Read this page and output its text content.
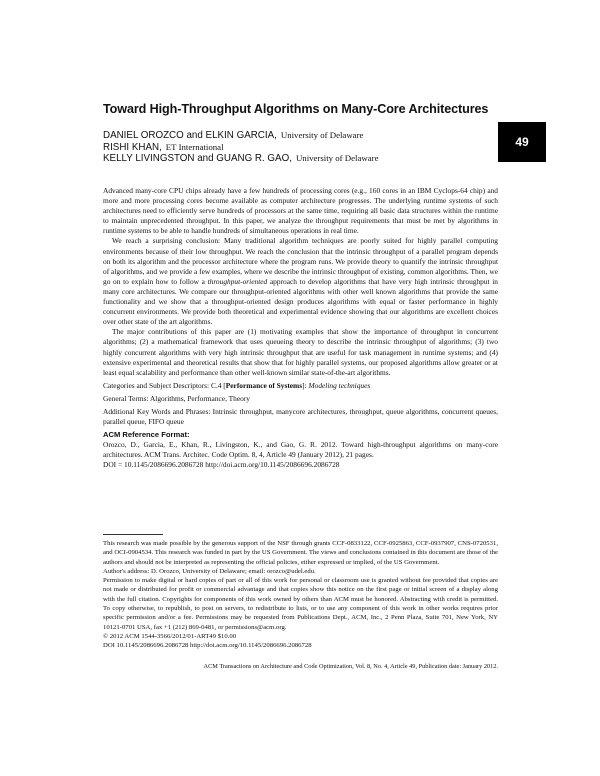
Toward High-Throughput Algorithms on Many-Core Architectures
DANIEL OROZCO and ELKIN GARCIA, University of Delaware
RISHI KHAN, ET International
KELLY LIVINGSTON and GUANG R. GAO, University of Delaware
49

Advanced many-core CPU chips already have a few hundreds of processing cores (e.g., 160 cores in an IBM Cyclops-64 chip) and more and more processing cores become available as computer architecture progresses. The underlying runtime systems of such architectures need to efficiently serve hundreds of processors at the same time, requiring all basic data structures within the runtime to maintain unprecedented throughput. In this paper, we analyze the throughput requirements that must be met by algorithms in runtime systems to be able to handle hundreds of simultaneous operations in real time.

We reach a surprising conclusion: Many traditional algorithm techniques are poorly suited for highly parallel computing environments because of their low throughput. We reach the conclusion that the intrinsic throughput of a parallel program depends on both its algorithm and the processor architecture where the program runs. We provide theory to quantify the intrinsic throughput of algorithms, and we provide a few examples, where we describe the intrinsic throughput of existing, common algorithms. Then, we go on to explain how to follow a throughput-oriented approach to develop algorithms that have very high intrinsic throughput in many core architectures. We compare our throughput-oriented algorithms with other well known algorithms that provide the same functionality and we show that a throughput-oriented design produces algorithms with equal or faster performance in highly concurrent environments. We provide both theoretical and experimental evidence showing that our algorithms are excellent choices over other state of the art algorithms.

The major contributions of this paper are (1) motivating examples that show the importance of throughput in concurrent algorithms; (2) a mathematical framework that uses queueing theory to describe the intrinsic throughput of algorithms; (3) two highly concurrent algorithms with very high intrinsic throughput that are useful for task management in runtime systems; and (4) extensive experimental and theoretical results that show that for highly parallel systems, our proposed algorithms allow greater or at least equal scalability and performance than other well-known similar state-of-the-art algorithms.

Categories and Subject Descriptors: C.4 [Performance of Systems]: Modeling techniques

General Terms: Algorithms, Performance, Theory

Additional Key Words and Phrases: Intrinsic throughput, manycore architectures, throughput, queue algorithms, concurrent queues, parallel queue, FIFO queue

ACM Reference Format:

Orozco, D., Garcia, E., Khan, R., Livingston, K., and Gao, G. R. 2012. Toward high-throughput algorithms on many-core architectures. ACM Trans. Architec. Code Optim. 8, 4, Article 49 (January 2012), 21 pages.

DOI = 10.1145/2086696.2086728 http://doi.acm.org/10.1145/2086696.2086728

This research was made possible by the generous support of the NSF through grants CCF-0833122, CCF-0925863, CCF-0937907, CNS-0720531, and OCI-0904534. This research was funded in part by the US Government. The views and conclusions contained in this document are those of the authors and should not be interpreted as representing the official policies, either expressed or implied, of the US Government.

Author's address: D. Orozco, University of Delaware; email: orozco@udel.edu.

Permission to make digital or hard copies of part or all of this work for personal or classroom use is granted without fee provided that copies are not made or distributed for profit or commercial advantage and that copies show this notice on the first page or initial screen of a display along with the full citation. Copyrights for components of this work owned by others than ACM must be honored. Abstracting with credit is permitted. To copy otherwise, to republish, to post on servers, to redistribute to lists, or to use any component of this work in other works requires prior specific permission and/or a fee. Permissions may be requested from Publications Dept., ACM, Inc., 2 Penn Plaza, Suite 701, New York, NY 10121-0701 USA, fax +1 (212) 869-0481, or permissions@acm.org.

© 2012 ACM 1544-3566/2012/01-ART49 $10.00

DOI 10.1145/2086696.2086728 http://doi.acm.org/10.1145/2086696.2086728

ACM Transactions on Architecture and Code Optimization, Vol. 8, No. 4, Article 49, Publication date: January 2012.
